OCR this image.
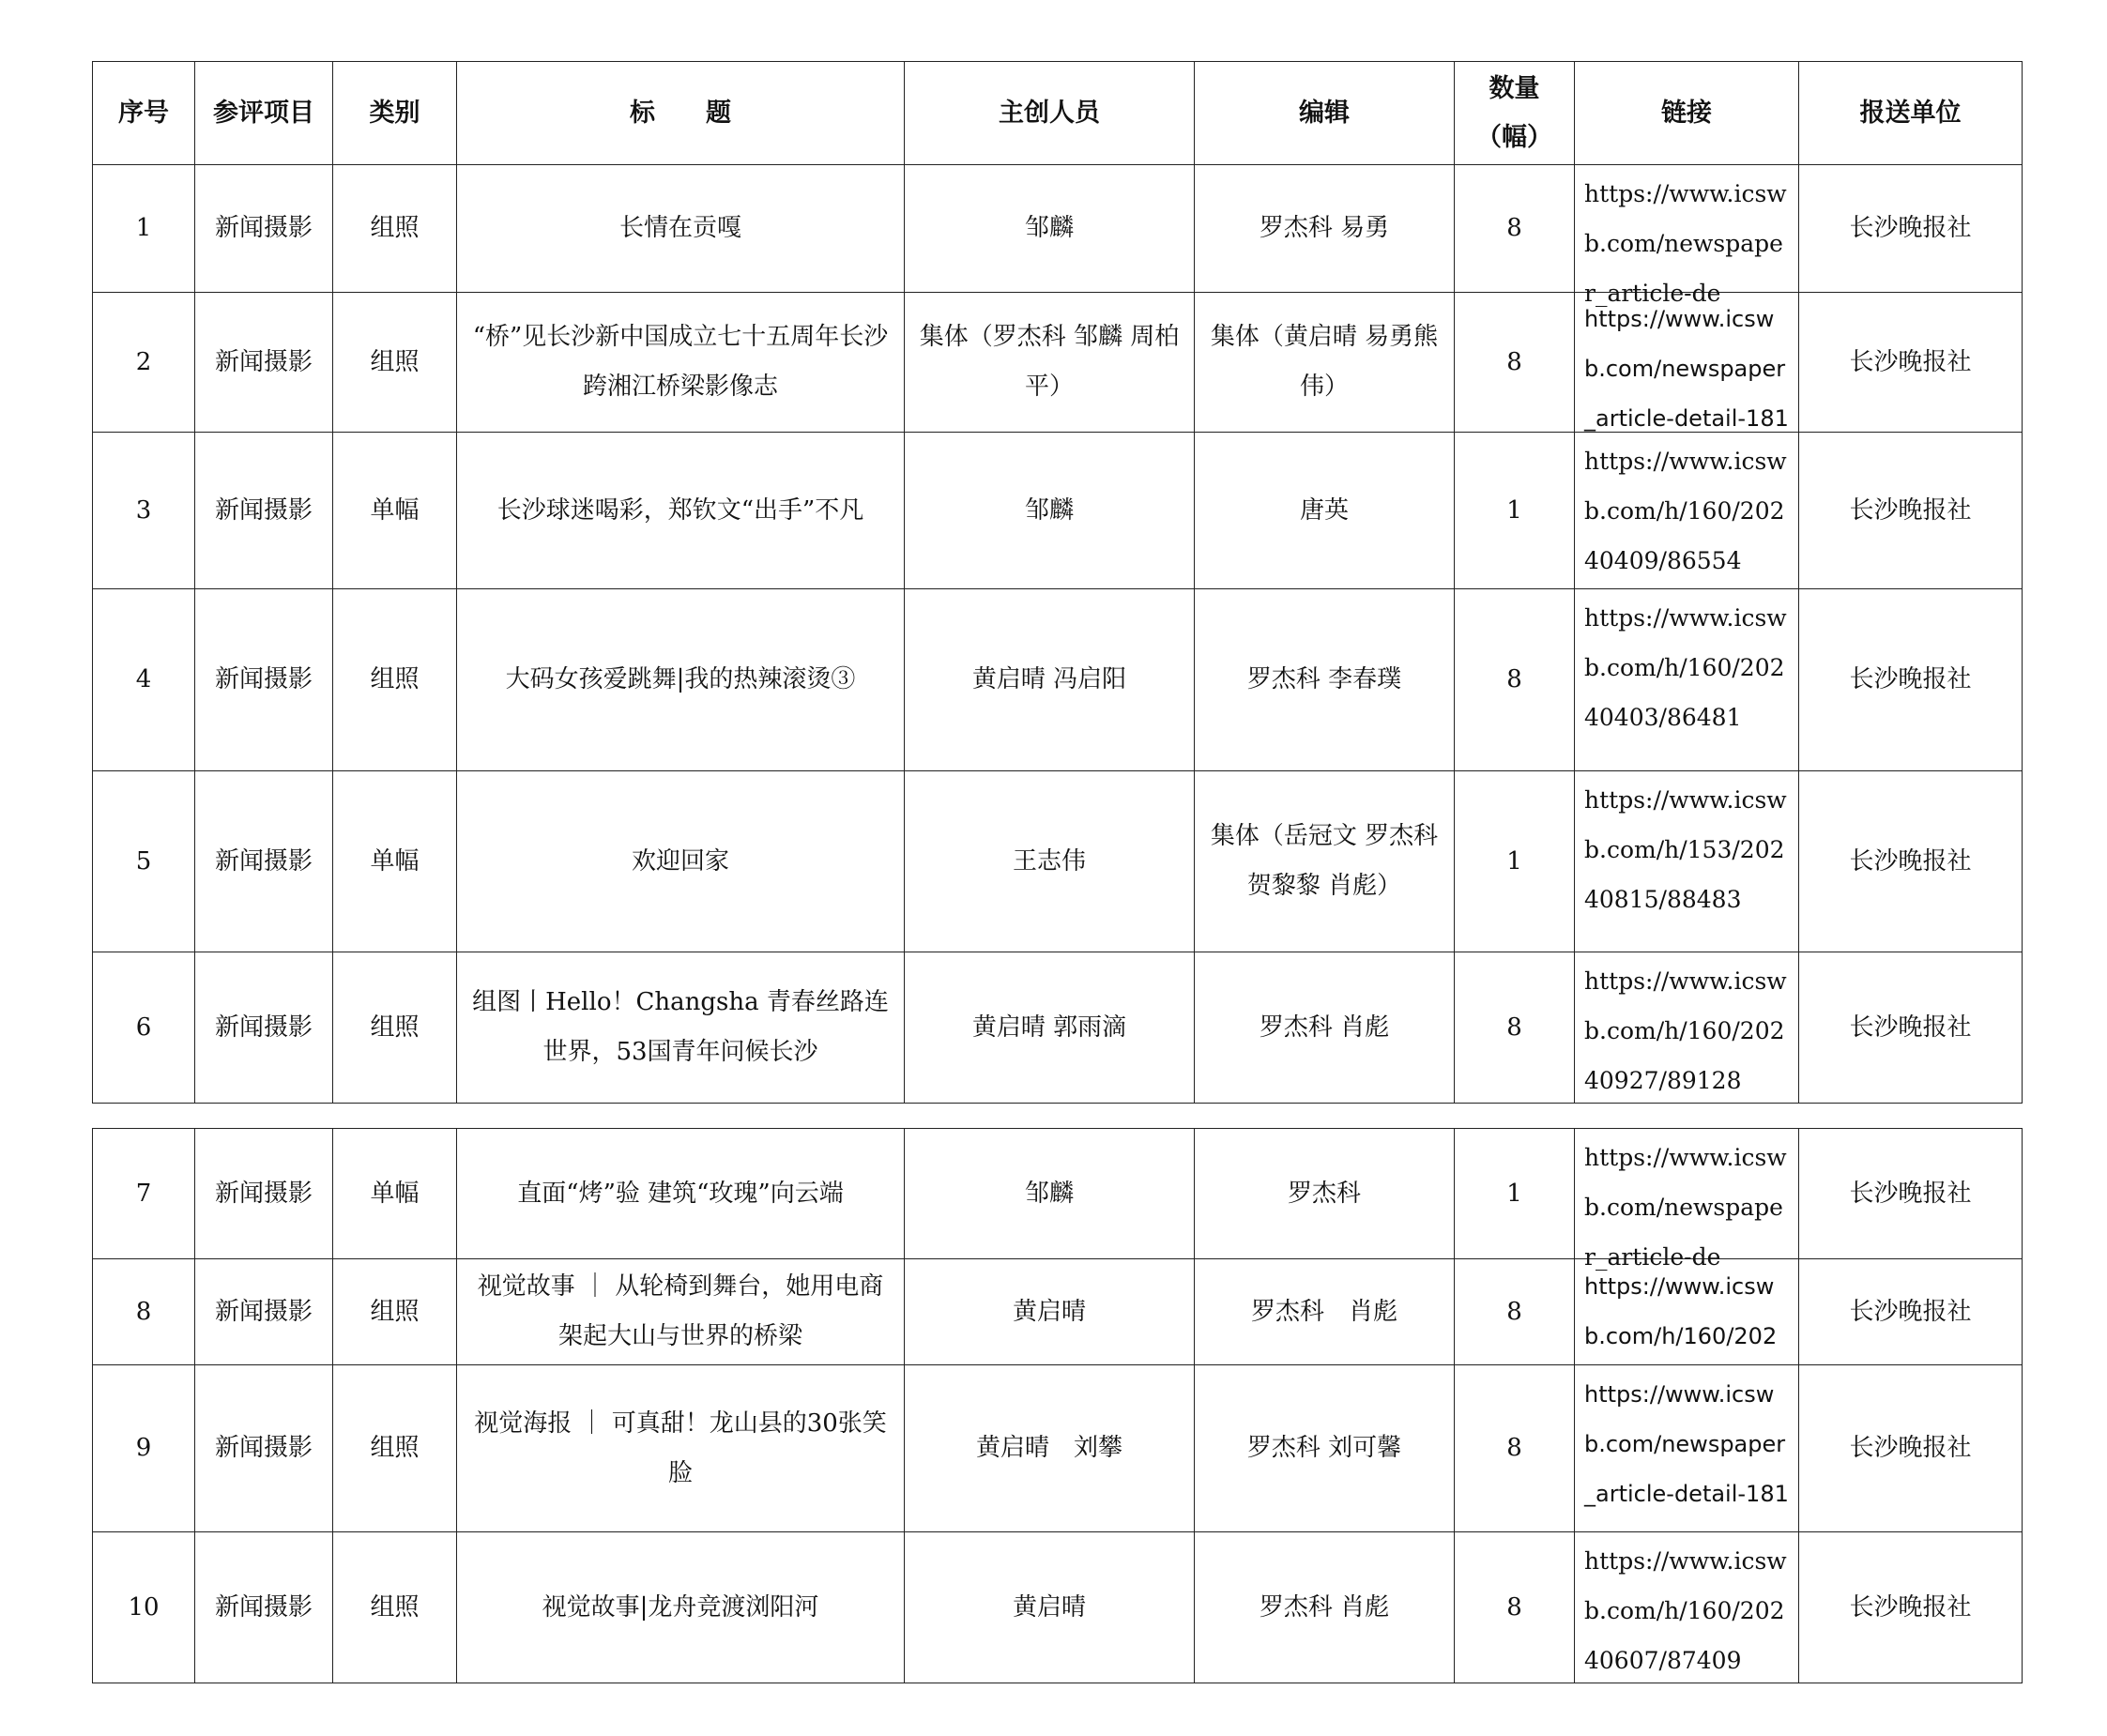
序号	参评项目	类别	标　　题	主创人员	编辑	数量（幅）	链接	报送单位
1	新闻摄影	组照	长情在贡嘎	邹麟	罗杰科 易勇	8	https://www.icswb.com/newspaper_article-de	长沙晚报社
2	新闻摄影	组照	“桥”见长沙新中国成立七十五周年长沙跨湘江桥梁影像志	集体（罗杰科 邹麟 周柏平）	集体（黄启晴 易勇熊伟）	8	https://www.icswb.com/newspaper_article-detail-181	长沙晚报社
3	新闻摄影	单幅	长沙球迷喝彩，郑钦文“出手”不凡	邹麟	唐英	1	https://www.icswb.com/h/160/20240409/86554	长沙晚报社
4	新闻摄影	组照	大码女孩爱跳舞|我的热辣滚烫③	黄启晴 冯启阳	罗杰科 李春璞	8	https://www.icswb.com/h/160/20240403/86481	长沙晚报社
5	新闻摄影	单幅	欢迎回家	王志伟	集体（岳冠文 罗杰科 贺黎黎 肖彪）	1	https://www.icswb.com/h/153/20240815/88483	长沙晚报社
6	新闻摄影	组照	组图丨Hello！Changsha 青春丝路连世界，53国青年问候长沙	黄启晴 郭雨滴	罗杰科 肖彪	8	https://www.icswb.com/h/160/20240927/89128	长沙晚报社
7	新闻摄影	单幅	直面“烤”验 建筑“玫瑰”向云端	邹麟	罗杰科	1	https://www.icswb.com/newspaper_article-de	长沙晚报社
8	新闻摄影	组照	视觉故事 ｜ 从轮椅到舞台，她用电商架起大山与世界的桥梁	黄启晴	罗杰科　肖彪	8	https://www.icswb.com/h/160/202	长沙晚报社
9	新闻摄影	组照	视觉海报 ｜ 可真甜！龙山县的30张笑脸	黄启晴　刘攀	罗杰科 刘可馨	8	https://www.icswb.com/newspaper_article-detail-181	长沙晚报社
10	新闻摄影	组照	视觉故事|龙舟竞渡浏阳河	黄启晴	罗杰科 肖彪	8	https://www.icswb.com/h/160/20240607/87409	长沙晚报社
